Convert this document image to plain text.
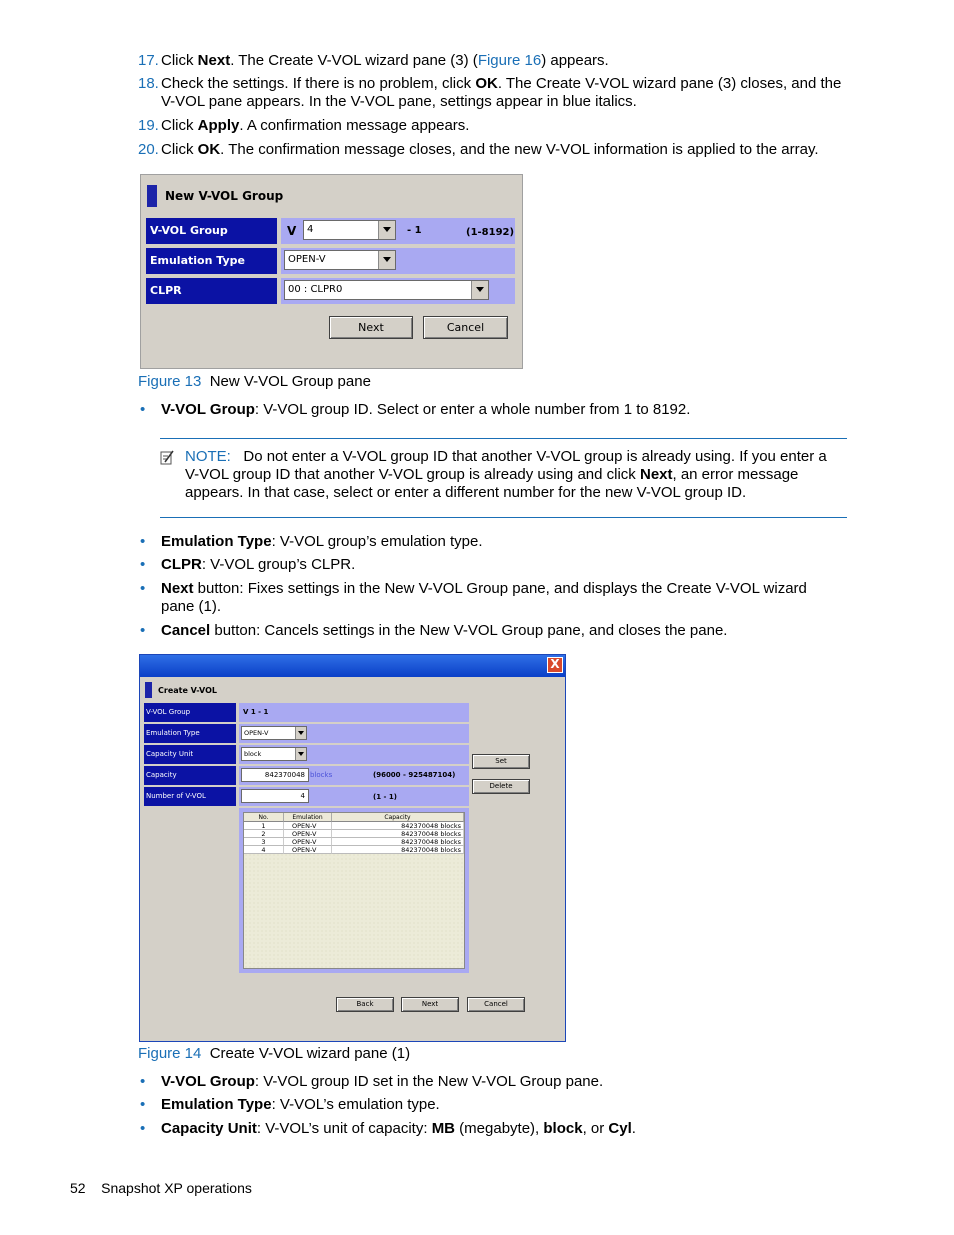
17. Click Next. The Create V-VOL wizard pane (3) (Figure 16) appears.
18. Check the settings. If there is no problem, click OK. The Create V-VOL wizard pane (3) closes, and the
V-VOL pane appears. In the V-VOL pane, settings appear in blue italics.
19. Click Apply. A confirmation message appears.
20. Click OK. The confirmation message closes, and the new V-VOL information is applied to the array.
New V-VOL Group
V-VOL Group	V 4	- 1	(1-8192)
Emulation Type	OPEN-V
CLPR	00 : CLPR0
Next	Cancel
Figure 13 New V-VOL Group pane
• V-VOL Group: V-VOL group ID. Select or enter a whole number from 1 to 8192.
NOTE: Do not enter a V-VOL group ID that another V-VOL group is already using. If you enter a
V-VOL group ID that another V-VOL group is already using and click Next, an error message
appears. In that case, select or enter a different number for the new V-VOL group ID.
• Emulation Type: V-VOL group’s emulation type.
• CLPR: V-VOL group’s CLPR.
• Next button: Fixes settings in the New V-VOL Group pane, and displays the Create V-VOL wizard
pane (1).
• Cancel button: Cancels settings in the New V-VOL Group pane, and closes the pane.
X
Create V-VOL
V-VOL Group	V 1 - 1
Emulation Type	OPEN-V
Capacity Unit	block
Capacity	842370048 blocks	(96000 - 925487104)
Number of V-VOL	4	(1 - 1)
Set
Delete
No.	Emulation	Capacity
1	OPEN-V	842370048 blocks
2	OPEN-V	842370048 blocks
3	OPEN-V	842370048 blocks
4	OPEN-V	842370048 blocks
Back	Next	Cancel
Figure 14 Create V-VOL wizard pane (1)
• V-VOL Group: V-VOL group ID set in the New V-VOL Group pane.
• Emulation Type: V-VOL’s emulation type.
• Capacity Unit: V-VOL’s unit of capacity: MB (megabyte), block, or Cyl.
52 Snapshot XP operations
